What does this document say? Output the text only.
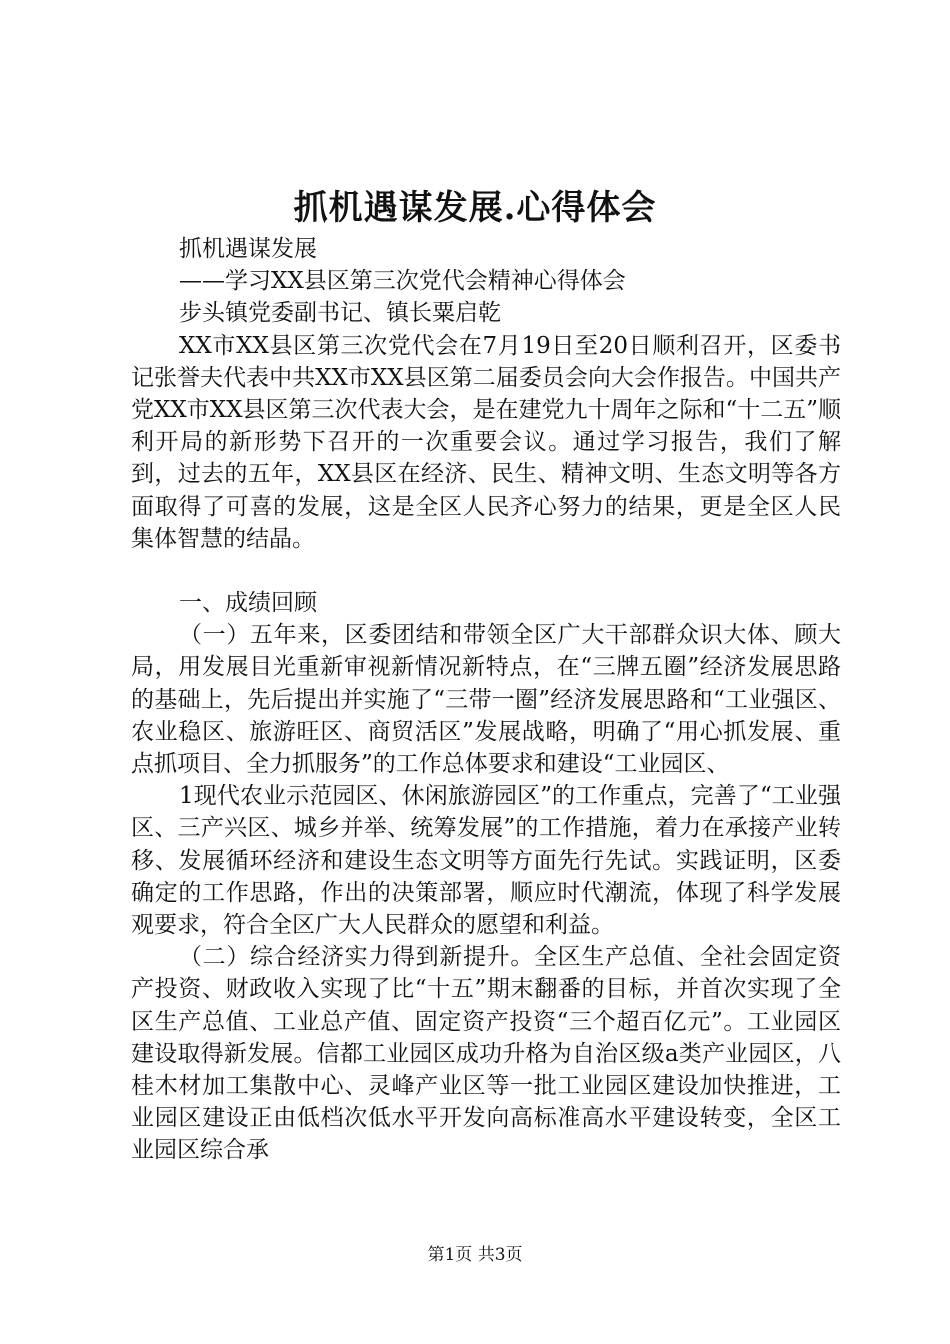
抓机遇谋发展.心得体会

抓机遇谋发展

——学习XX县区第三次党代会精神心得体会

步头镇党委副书记、镇长粟启乾

XX市XX县区第三次党代会在7月19日至20日顺利召开，区委书记张誉夫代表中共XX市XX县区第二届委员会向大会作报告。中国共产党XX市XX县区第三次代表大会，是在建党九十周年之际和“十二五”顺利开局的新形势下召开的一次重要会议。通过学习报告，我们了解到，过去的五年，XX县区在经济、民生、精神文明、生态文明等各方面取得了可喜的发展，这是全区人民齐心努力的结果，更是全区人民集体智慧的结晶。

一、成绩回顾

（一）五年来，区委团结和带领全区广大干部群众识大体、顾大局，用发展目光重新审视新情况新特点，在“三牌五圈”经济发展思路的基础上，先后提出并实施了“三带一圈”经济发展思路和“工业强区、农业稳区、旅游旺区、商贸活区”发展战略，明确了“用心抓发展、重点抓项目、全力抓服务”的工作总体要求和建设“工业园区、

1现代农业示范园区、休闲旅游园区”的工作重点，完善了“工业强区、三产兴区、城乡并举、统筹发展”的工作措施，着力在承接产业转移、发展循环经济和建设生态文明等方面先行先试。实践证明，区委确定的工作思路，作出的决策部署，顺应时代潮流，体现了科学发展观要求，符合全区广大人民群众的愿望和利益。

（二）综合经济实力得到新提升。全区生产总值、全社会固定资产投资、财政收入实现了比“十五”期末翻番的目标，并首次实现了全区生产总值、工业总产值、固定资产投资“三个超百亿元”。工业园区建设取得新发展。信都工业园区成功升格为自治区级a类产业园区，八桂木材加工集散中心、灵峰产业区等一批工业园区建设加快推进，工业园区建设正由低档次低水平开发向高标准高水平建设转变，全区工业园区综合承

第1页 共3页
